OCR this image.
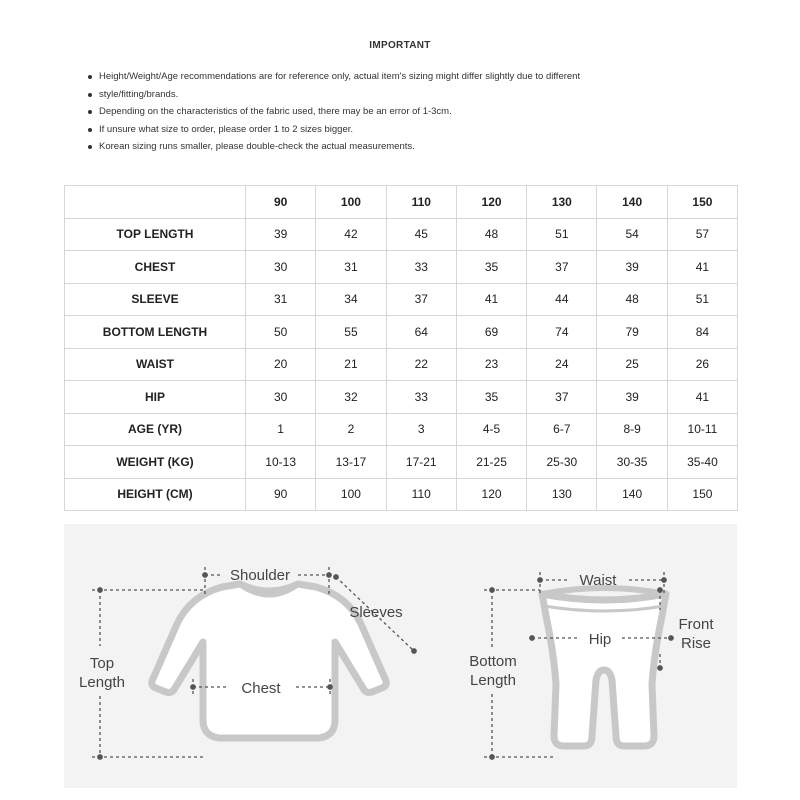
IMPORTANT
Height/Weight/Age recommendations are for reference only, actual item's sizing might differ slightly due to different
style/fitting/brands.
Depending on the characteristics of the fabric used, there may be an error of 1-3cm.
If unsure what size to order, please order 1 to 2 sizes bigger.
Korean sizing runs smaller, please double-check the actual measurements.
	90	100	110	120	130	140	150
TOP LENGTH	39	42	45	48	51	54	57
CHEST	30	31	33	35	37	39	41
SLEEVE	31	34	37	41	44	48	51
BOTTOM LENGTH	50	55	64	69	74	79	84
WAIST	20	21	22	23	24	25	26
HIP	30	32	33	35	37	39	41
AGE (YR)	1	2	3	4-5	6-7	8-9	10-11
WEIGHT (KG)	10-13	13-17	17-21	21-25	25-30	30-35	35-40
HEIGHT (CM)	90	100	110	120	130	140	150
Shoulder
Sleeves
Top
Length	Chest
Waist
Hip
Front
Rise
Bottom
Length
